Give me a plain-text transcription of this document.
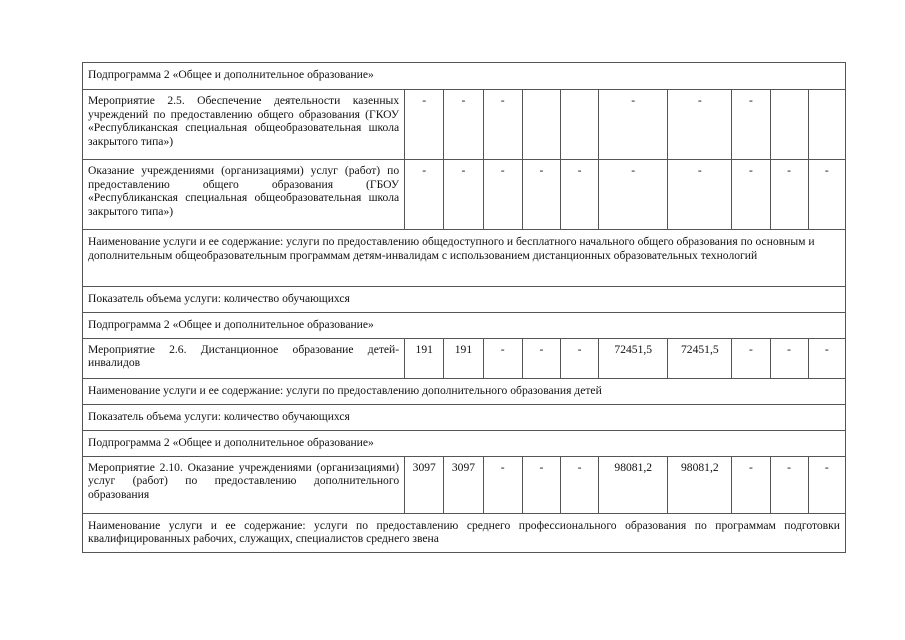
Подпрограмма 2 «Общее и дополнительное образование»										
Мероприятие 2.5. Обеспечение деятельности казенных учреждений по предоставлению общего образования (ГКОУ «Республиканская специальная общеобразовательная школа закрытого типа»)	-	-	-			-	-	-		
Оказание учреждениями (организациями) услуг (работ) по предоставлению общего образования (ГБОУ «Республиканская специальная общеобразовательная школа закрытого типа»)	-	-	-	-	-	-	-	-	-	-
Наименование услуги и ее содержание: услуги по предоставлению общедоступного и бесплатного начального общего образования по основным и дополнительным общеобразовательным программам детям-инвалидам с использованием дистанционных образовательных технологий										
Показатель объема услуги: количество обучающихся										
Подпрограмма 2 «Общее и дополнительное образование»										
Мероприятие 2.6. Дистанционное образование детей-инвалидов	191	191	-	-	-	72451,5	72451,5	-	-	-
Наименование услуги и ее содержание: услуги по предоставлению дополнительного образования детей										
Показатель объема услуги: количество обучающихся										
Подпрограмма 2 «Общее и дополнительное образование»										
Мероприятие 2.10. Оказание учреждениями (организациями) услуг (работ) по предоставлению дополнительного образования	3097	3097	-	-	-	98081,2	98081,2	-	-	-
Наименование услуги и ее содержание: услуги по предоставлению среднего профессионального образования по программам подготовки квалифицированных рабочих, служащих, специалистов среднего звена										
